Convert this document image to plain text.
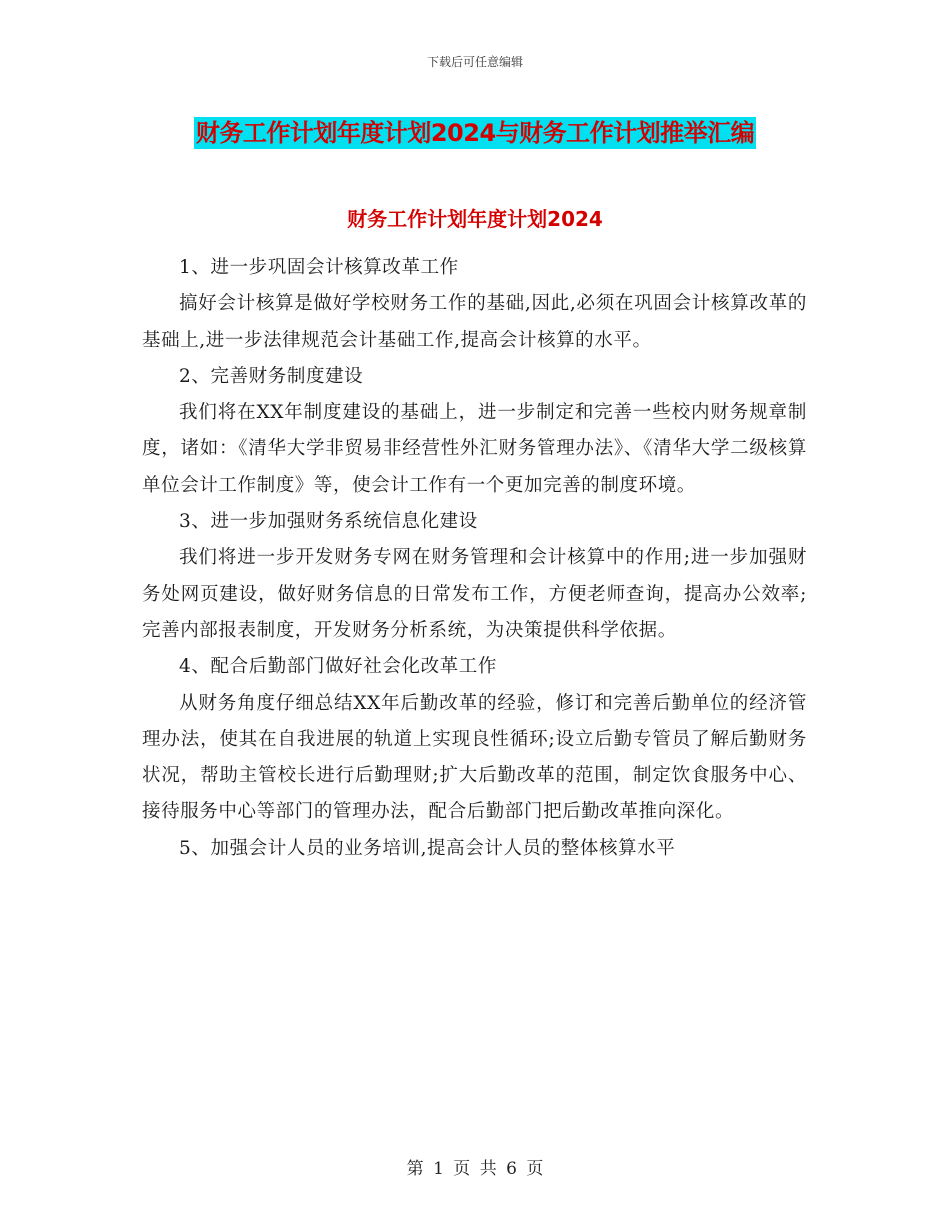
下载后可任意编辑
财务工作计划年度计划2024与财务工作计划推举汇编
财务工作计划年度计划2024

1、进一步巩固会计核算改革工作

搞好会计核算是做好学校财务工作的基础,因此,必须在巩固会计核算改革的基础上,进一步法律规范会计基础工作,提高会计核算的水平。

2、完善财务制度建设

我们将在XX年制度建设的基础上，进一步制定和完善一些校内财务规章制度，诸如：《清华大学非贸易非经营性外汇财务管理办法》、《清华大学二级核算单位会计工作制度》等，使会计工作有一个更加完善的制度环境。

3、进一步加强财务系统信息化建设

我们将进一步开发财务专网在财务管理和会计核算中的作用;进一步加强财务处网页建设，做好财务信息的日常发布工作，方便老师查询，提高办公效率;完善内部报表制度，开发财务分析系统，为决策提供科学依据。

4、配合后勤部门做好社会化改革工作

从财务角度仔细总结XX年后勤改革的经验，修订和完善后勤单位的经济管理办法，使其在自我进展的轨道上实现良性循环;设立后勤专管员了解后勤财务状况，帮助主管校长进行后勤理财;扩大后勤改革的范围，制定饮食服务中心、接待服务中心等部门的管理办法，配合后勤部门把后勤改革推向深化。

5、加强会计人员的业务培训,提高会计人员的整体核算水平

第 1 页 共 6 页
